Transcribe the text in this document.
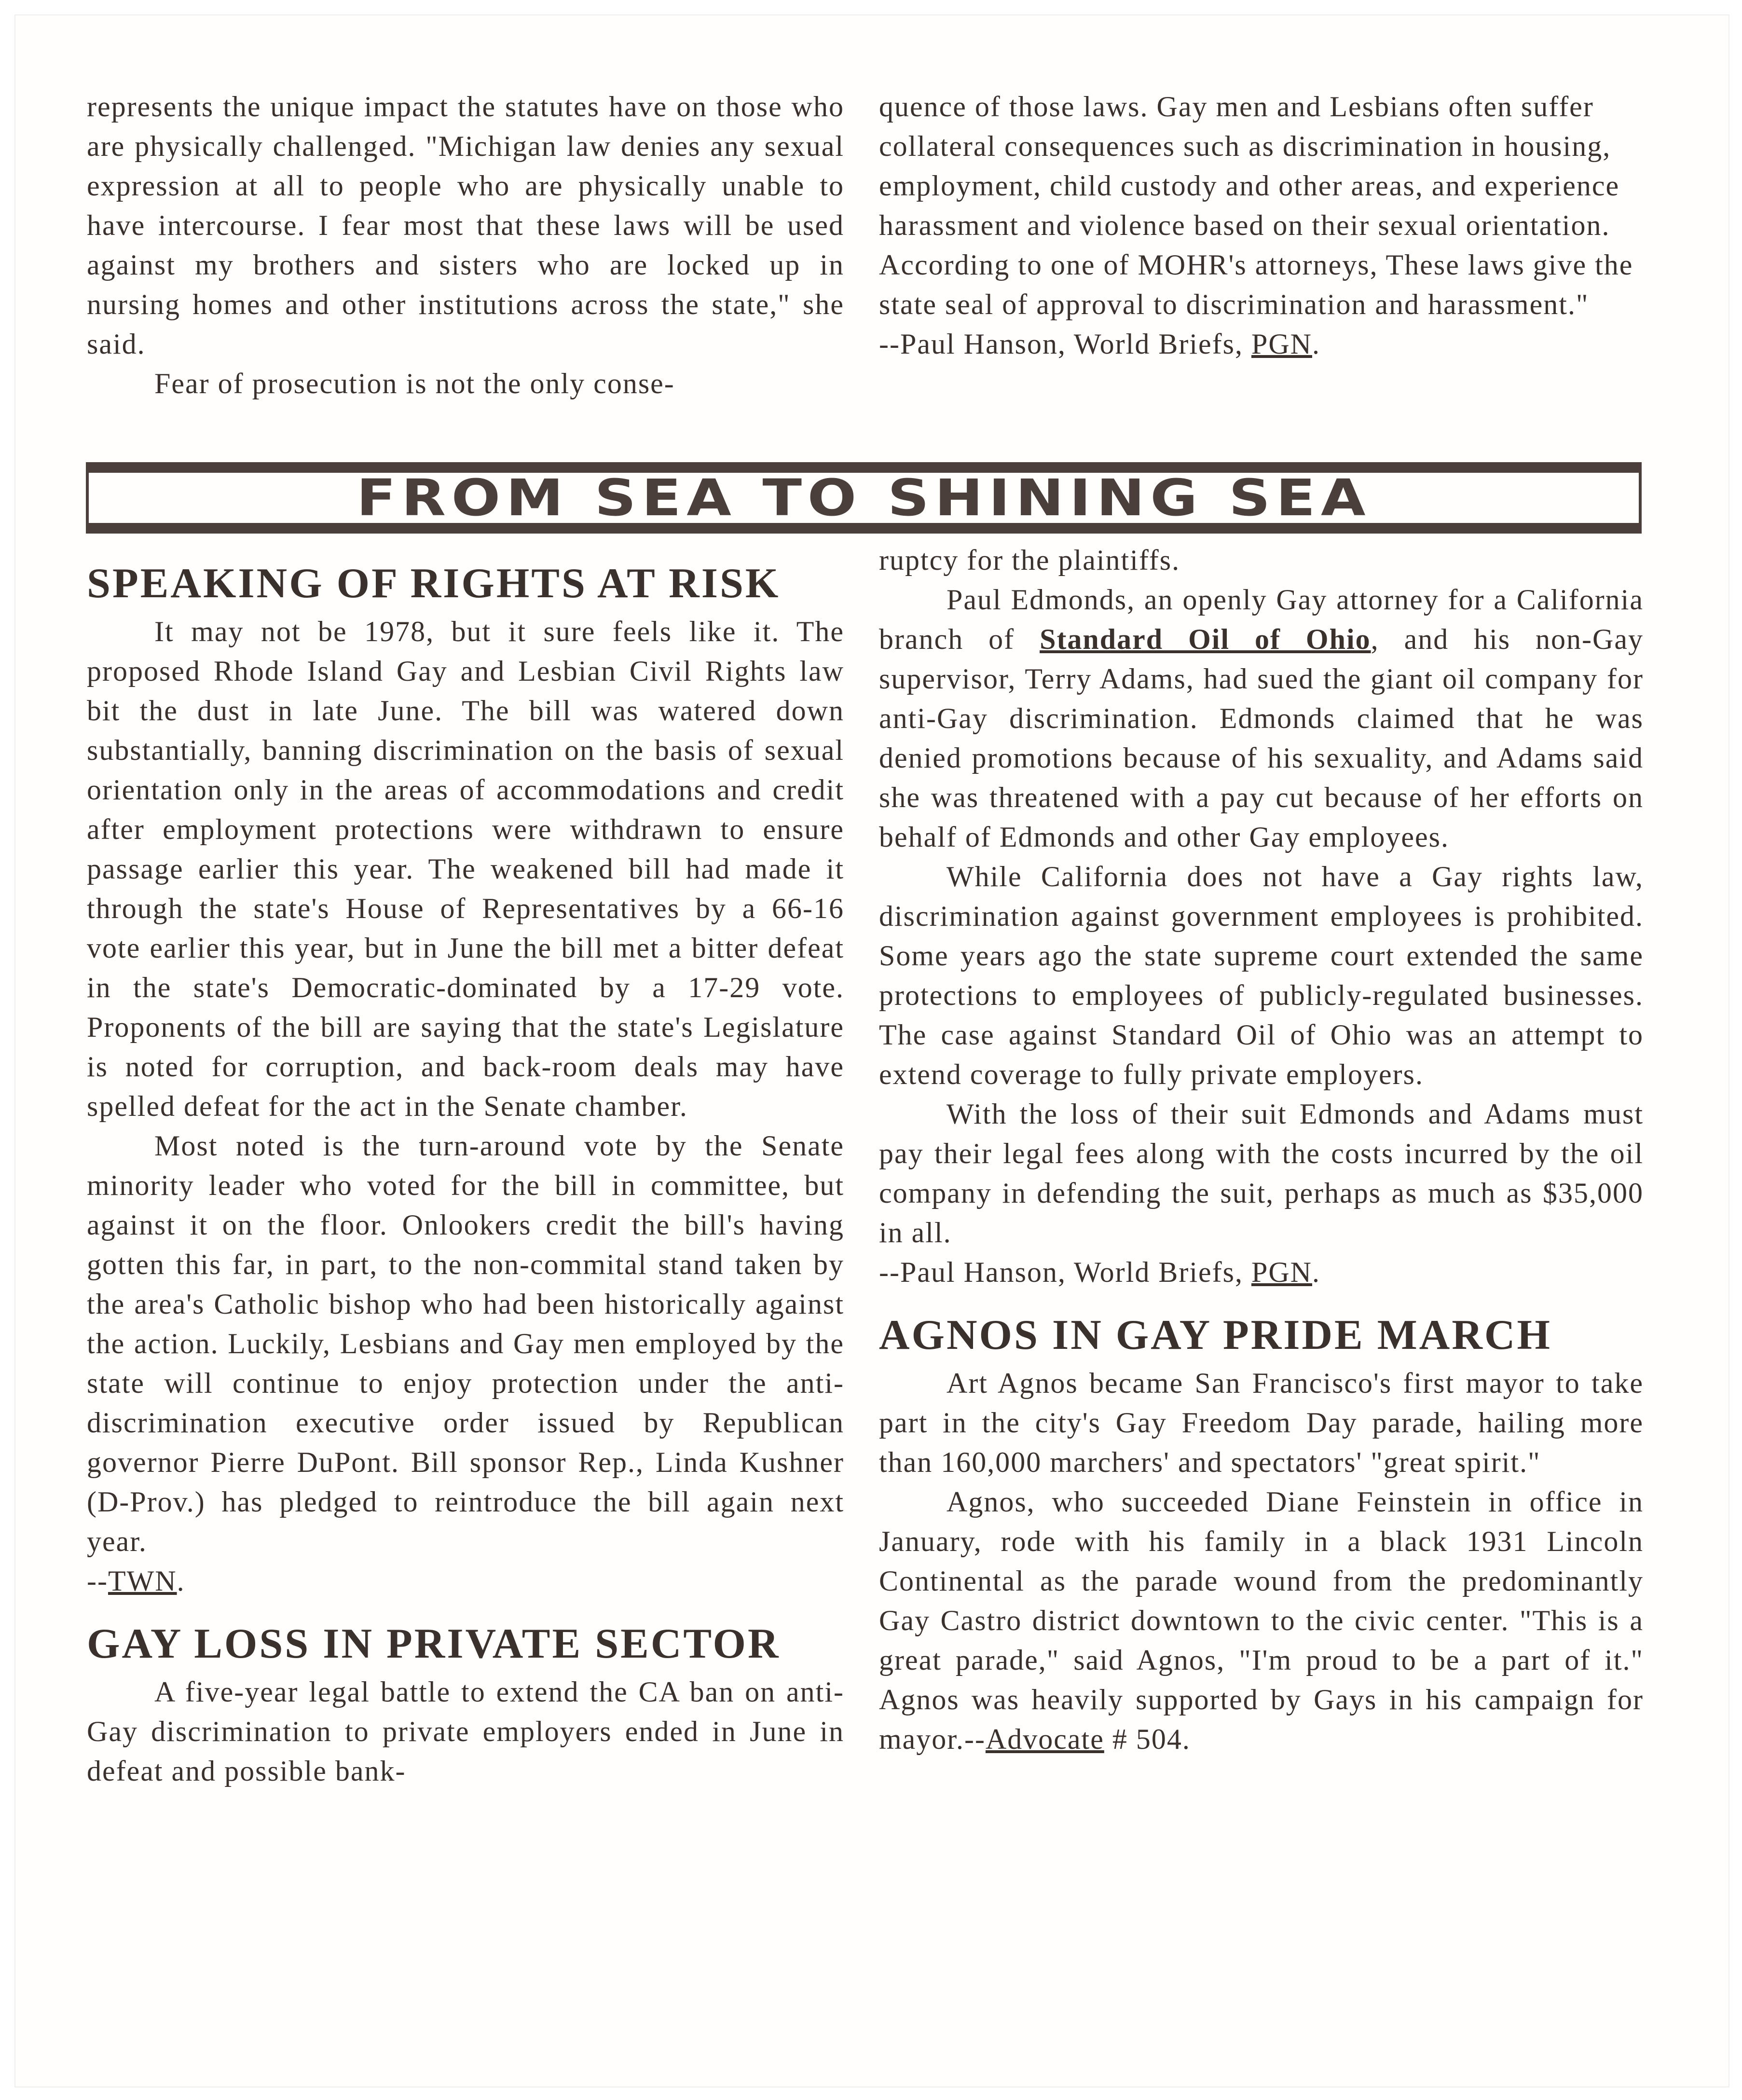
represents the unique impact the statutes have on those who are physically challenged. "Michigan law denies any sexual expression at all to people who are physically unable to have intercourse. I fear most that these laws will be used against my brothers and sisters who are locked up in nursing homes and other institutions across the state," she said.

Fear of prosecution is not the only conse-

quence of those laws. Gay men and Lesbians often suffer collateral consequences such as discrimination in housing, employment, child custody and other areas, and experience harassment and violence based on their sexual orientation. According to one of MOHR's attorneys, These laws give the state seal of approval to discrimination and harassment."

--Paul Hanson, World Briefs, PGN.

FROM SEA TO SHINING SEA
SPEAKING OF RIGHTS AT RISK

It may not be 1978, but it sure feels like it. The proposed Rhode Island Gay and Lesbian Civil Rights law bit the dust in late June. The bill was watered down substantially, banning discrimination on the basis of sexual orientation only in the areas of accommodations and credit after employment protections were withdrawn to ensure passage earlier this year. The weakened bill had made it through the state's House of Representatives by a 66-16 vote earlier this year, but in June the bill met a bitter defeat in the state's Democratic-dominated by a 17-29 vote. Proponents of the bill are saying that the state's Legislature is noted for corruption, and back-room deals may have spelled defeat for the act in the Senate chamber.

Most noted is the turn-around vote by the Senate minority leader who voted for the bill in committee, but against it on the floor. Onlookers credit the bill's having gotten this far, in part, to the non-commital stand taken by the area's Catholic bishop who had been historically against the action. Luckily, Lesbians and Gay men employed by the state will continue to enjoy protection under the anti-discrimination executive order issued by Republican governor Pierre DuPont. Bill sponsor Rep., Linda Kushner (D-Prov.) has pledged to reintroduce the bill again next year.

--TWN.

GAY LOSS IN PRIVATE SECTOR

A five-year legal battle to extend the CA ban on anti-Gay discrimination to private employers ended in June in defeat and possible bank-

ruptcy for the plaintiffs.

Paul Edmonds, an openly Gay attorney for a California branch of Standard Oil of Ohio, and his non-Gay supervisor, Terry Adams, had sued the giant oil company for anti-Gay discrimination. Edmonds claimed that he was denied promotions because of his sexuality, and Adams said she was threatened with a pay cut because of her efforts on behalf of Edmonds and other Gay employees.

While California does not have a Gay rights law, discrimination against government employees is prohibited. Some years ago the state supreme court extended the same protections to employees of publicly-regulated businesses. The case against Standard Oil of Ohio was an attempt to extend coverage to fully private employers.

With the loss of their suit Edmonds and Adams must pay their legal fees along with the costs incurred by the oil company in defending the suit, perhaps as much as $35,000 in all.

--Paul Hanson, World Briefs, PGN.

AGNOS IN GAY PRIDE MARCH

Art Agnos became San Francisco's first mayor to take part in the city's Gay Freedom Day parade, hailing more than 160,000 marchers' and spectators' "great spirit."

Agnos, who succeeded Diane Feinstein in office in January, rode with his family in a black 1931 Lincoln Continental as the parade wound from the predominantly Gay Castro district downtown to the civic center. "This is a great parade," said Agnos, "I'm proud to be a part of it." Agnos was heavily supported by Gays in his campaign for mayor.--Advocate # 504.
